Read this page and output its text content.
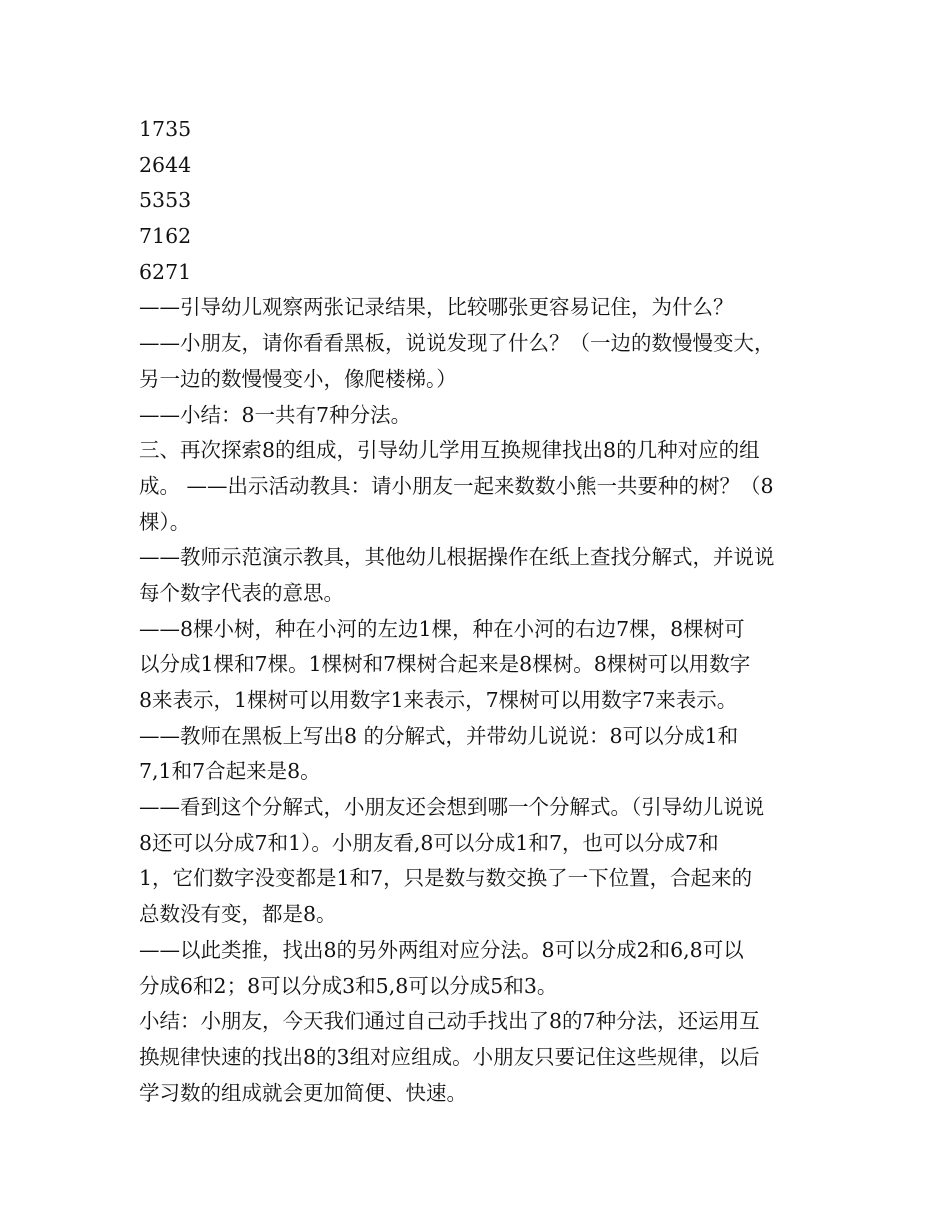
1735
2644
5353
7162
6271
——引导幼儿观察两张记录结果，比较哪张更容易记住，为什么？
——小朋友，请你看看黑板，说说发现了什么？（一边的数慢慢变大，
另一边的数慢慢变小，像爬楼梯。）
——小结：8一共有7种分法。
三、再次探索8的组成，引导幼儿学用互换规律找出8的几种对应的组
成。 ——出示活动教具：请小朋友一起来数数小熊一共要种的树？（8
棵）。
——教师示范演示教具，其他幼儿根据操作在纸上查找分解式，并说说
每个数字代表的意思。
——8棵小树，种在小河的左边1棵，种在小河的右边7棵，8棵树可
以分成1棵和7棵。1棵树和7棵树合起来是8棵树。8棵树可以用数字
8来表示，1棵树可以用数字1来表示，7棵树可以用数字7来表示。
——教师在黑板上写出8 的分解式，并带幼儿说说：8可以分成1和
7,1和7合起来是8。
——看到这个分解式，小朋友还会想到哪一个分解式。（引导幼儿说说
8还可以分成7和1）。小朋友看,8可以分成1和7，也可以分成7和
1，它们数字没变都是1和7，只是数与数交换了一下位置，合起来的
总数没有变，都是8。
——以此类推，找出8的另外两组对应分法。8可以分成2和6,8可以
分成6和2；8可以分成3和5,8可以分成5和3。
小结：小朋友，今天我们通过自己动手找出了8的7种分法，还运用互
换规律快速的找出8的3组对应组成。小朋友只要记住这些规律，以后
学习数的组成就会更加简便、快速。
